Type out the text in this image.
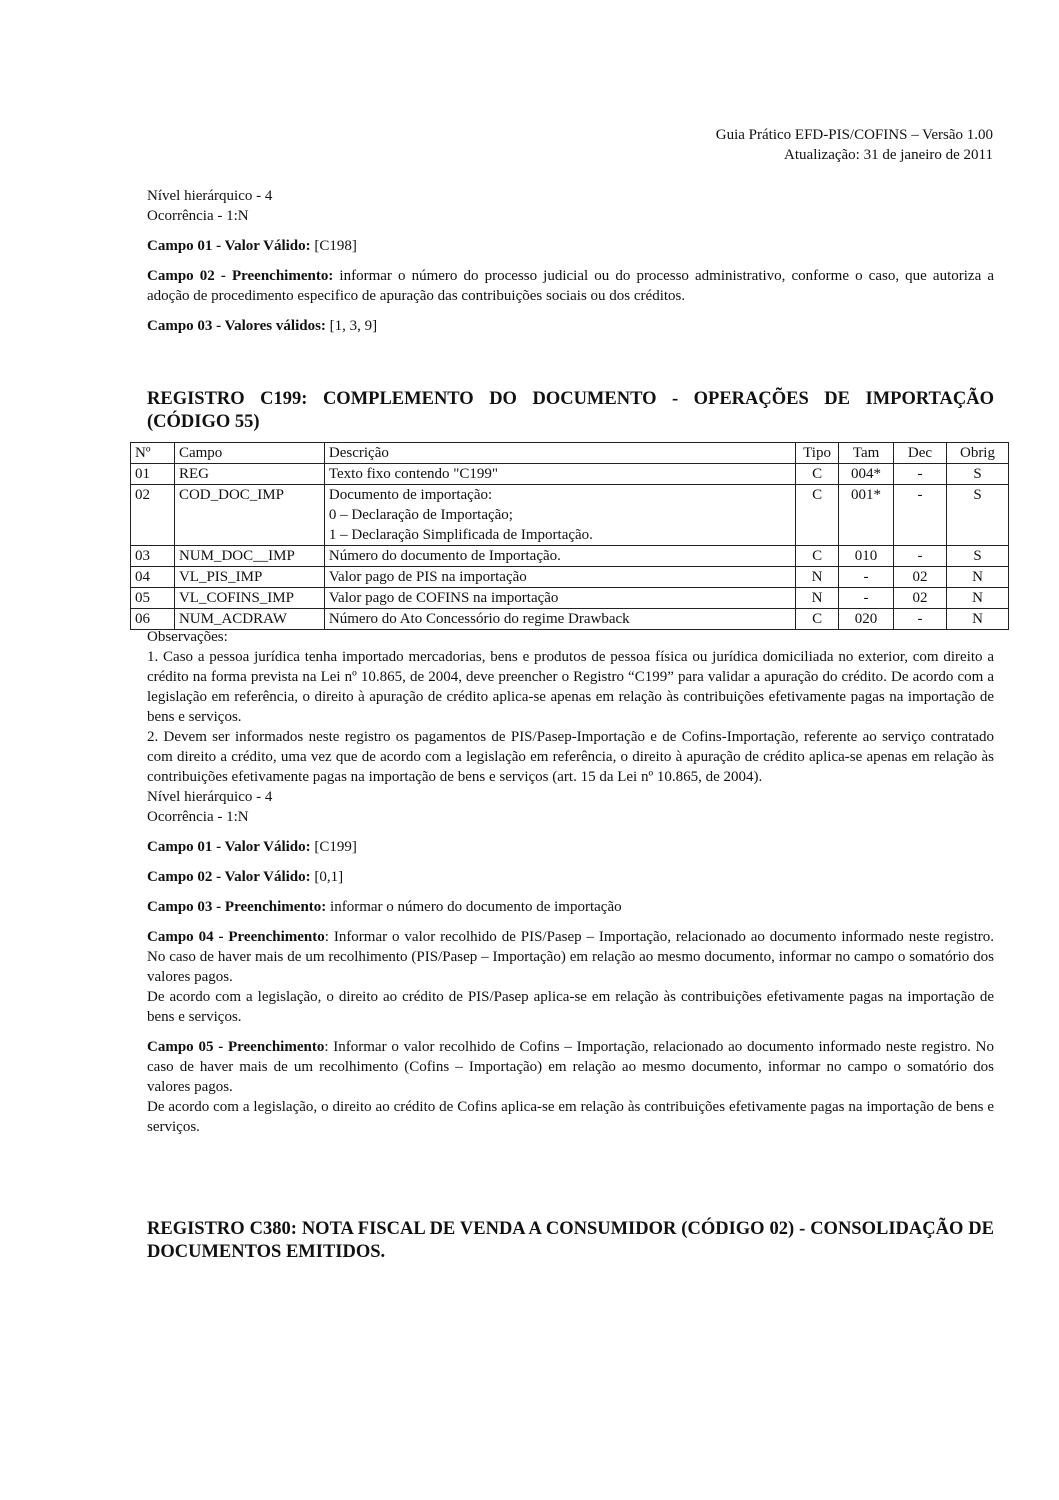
Guia Prático EFD-PIS/COFINS – Versão 1.00
Atualização: 31 de janeiro de 2011

Nível hierárquico - 4

Ocorrência - 1:N

Campo 01 - Valor Válido: [C198]

Campo 02 - Preenchimento: informar o número do processo judicial ou do processo administrativo, conforme o caso, que autoriza a adoção de procedimento especifico de apuração das contribuições sociais ou dos créditos.

Campo 03 - Valores válidos: [1, 3, 9]

REGISTRO C199: COMPLEMENTO DO DOCUMENTO - OPERAÇÕES DE IMPORTAÇÃO (CÓDIGO 55)
Nº	Campo	Descrição	Tipo	Tam	Dec	Obrig
01	REG	Texto fixo contendo "C199"	C	004*	-	S
02	COD_DOC_IMP	Documento de importação:
0 – Declaração de Importação;
1 – Declaração Simplificada de Importação.	C	001*	-	S
03	NUM_DOC__IMP	Número do documento de Importação.	C	010	-	S
04	VL_PIS_IMP	Valor pago de PIS na importação	N	-	02	N
05	VL_COFINS_IMP	Valor pago de COFINS na importação	N	-	02	N
06	NUM_ACDRAW	Número do Ato Concessório do regime Drawback	C	020	-	N

Observações:

1. Caso a pessoa jurídica tenha importado mercadorias, bens e produtos de pessoa física ou jurídica domiciliada no exterior, com direito a crédito na forma prevista na Lei nº 10.865, de 2004, deve preencher o Registro “C199” para validar a apuração do crédito. De acordo com a legislação em referência, o direito à apuração de crédito aplica-se apenas em relação às contribuições efetivamente pagas na importação de bens e serviços.

2. Devem ser informados neste registro os pagamentos de PIS/Pasep-Importação e de Cofins-Importação, referente ao serviço contratado com direito a crédito, uma vez que de acordo com a legislação em referência, o direito à apuração de crédito aplica-se apenas em relação às contribuições efetivamente pagas na importação de bens e serviços (art. 15 da Lei nº 10.865, de 2004).

Nível hierárquico - 4

Ocorrência - 1:N

Campo 01 - Valor Válido: [C199]

Campo 02 - Valor Válido: [0,1]

Campo 03 - Preenchimento: informar o número do documento de importação

Campo 04 - Preenchimento: Informar o valor recolhido de PIS/Pasep – Importação, relacionado ao documento informado neste registro. No caso de haver mais de um recolhimento (PIS/Pasep – Importação) em relação ao mesmo documento, informar no campo o somatório dos valores pagos.

De acordo com a legislação, o direito ao crédito de PIS/Pasep aplica-se em relação às contribuições efetivamente pagas na importação de bens e serviços.

Campo 05 - Preenchimento: Informar o valor recolhido de Cofins – Importação, relacionado ao documento informado neste registro. No caso de haver mais de um recolhimento (Cofins – Importação) em relação ao mesmo documento, informar no campo o somatório dos valores pagos.

De acordo com a legislação, o direito ao crédito de Cofins aplica-se em relação às contribuições efetivamente pagas na importação de bens e serviços.

REGISTRO C380: NOTA FISCAL DE VENDA A CONSUMIDOR (CÓDIGO 02) - CONSOLIDAÇÃO DE DOCUMENTOS EMITIDOS.
